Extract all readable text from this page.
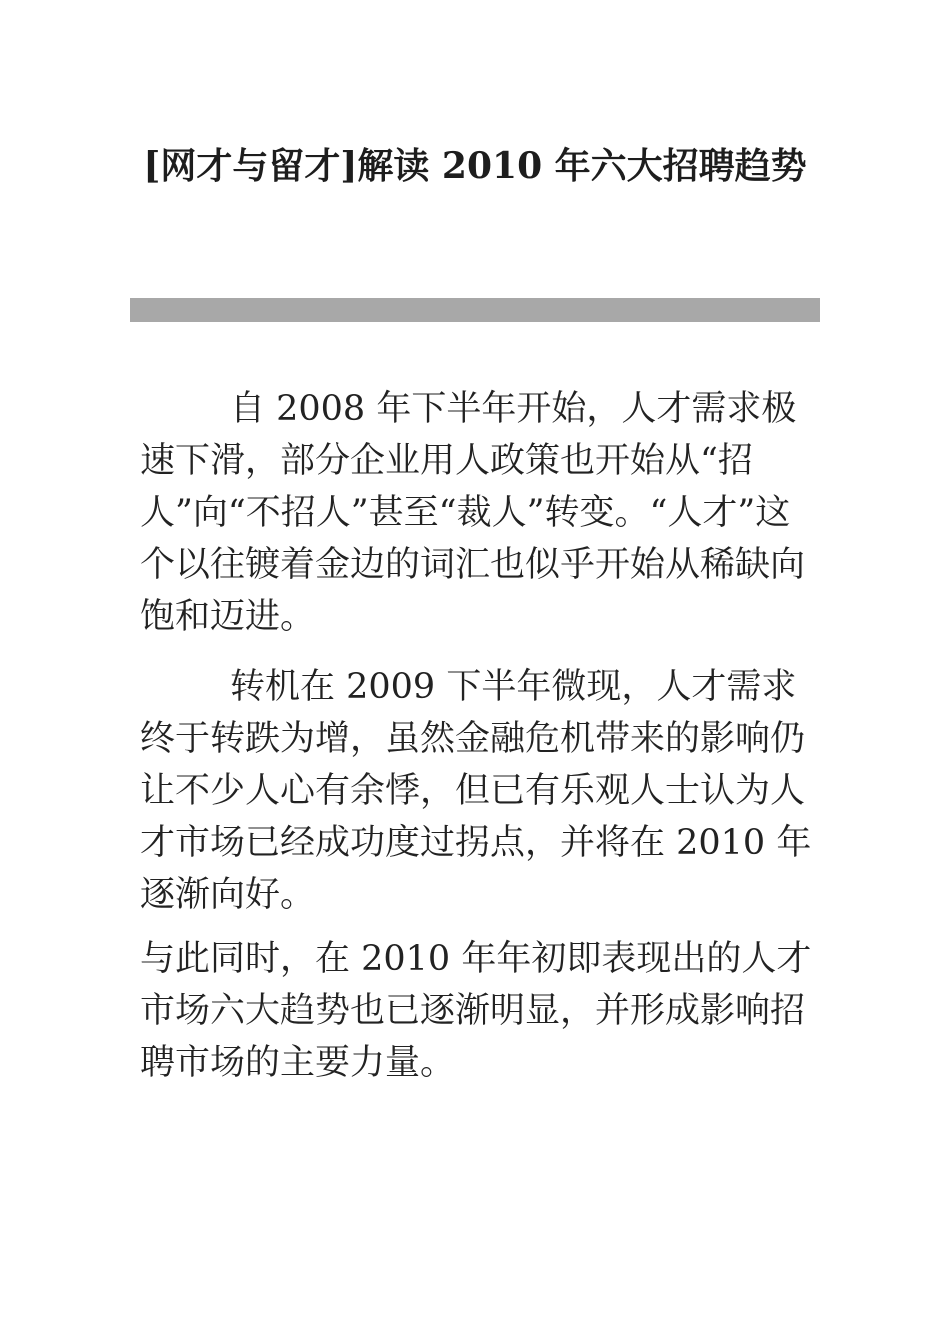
[网才与留才]解读 2010 年六大招聘趋势

自 2008 年下半年开始，人才需求极速下滑，部分企业用人政策也开始从“招人”向“不招人”甚至“裁人”转变。“人才”这个以往镀着金边的词汇也似乎开始从稀缺向饱和迈进。

转机在 2009 下半年微现，人才需求终于转跌为增，虽然金融危机带来的影响仍让不少人心有余悸，但已有乐观人士认为人才市场已经成功度过拐点，并将在 2010 年逐渐向好。

与此同时，在 2010 年年初即表现出的人才市场六大趋势也已逐渐明显，并形成影响招聘市场的主要力量。
